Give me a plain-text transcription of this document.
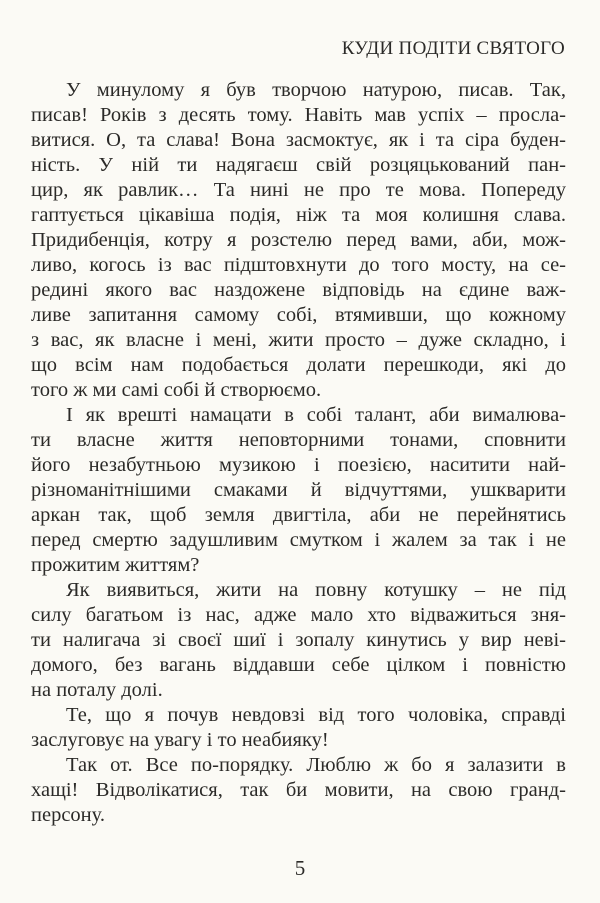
КУДИ ПОДІТИ СВЯТОГО
У минулому я був творчою натурою, писав. Так,
писав! Років з десять тому. Навіть мав успіх – просла-
витися. О, та слава! Вона засмоктує, як і та сіра буден-
ність. У ній ти надягаєш свій розцяцькований пан-
цир, як равлик… Та нині не про те мова. Попереду
гаптується цікавіша подія, ніж та моя колишня слава.
Придибенція, котру я розстелю перед вами, аби, мож-
ливо, когось із вас підштовхнути до того мосту, на се-
редині якого вас наздожене відповідь на єдине важ-
ливе запитання самому собі, втямивши, що кожному
з вас, як власне і мені, жити просто – дуже складно, і
що всім нам подобається долати перешкоди, які до
того ж ми самі собі й створюємо.
І як врешті намацати в собі талант, аби вималюва-
ти власне життя неповторними тонами, сповнити
його незабутньою музикою і поезією, наситити най-
різноманітнішими смаками й відчуттями, ушкварити
аркан так, щоб земля двигтіла, аби не перейнятись
перед смертю задушливим смутком і жалем за так і не
прожитим життям?
Як виявиться, жити на повну котушку – не під
силу багатьом із нас, адже мало хто відважиться зня-
ти налигача зі своєї шиї і зопалу кинутись у вир неві-
домого, без вагань віддавши себе цілком і повністю
на поталу долі.
Те, що я почув невдовзі від того чоловіка, справді
заслуговує на увагу і то неабияку!
Так от. Все по-порядку. Люблю ж бо я залазити в
хащі! Відволікатися, так би мовити, на свою гранд-
персону.
5
